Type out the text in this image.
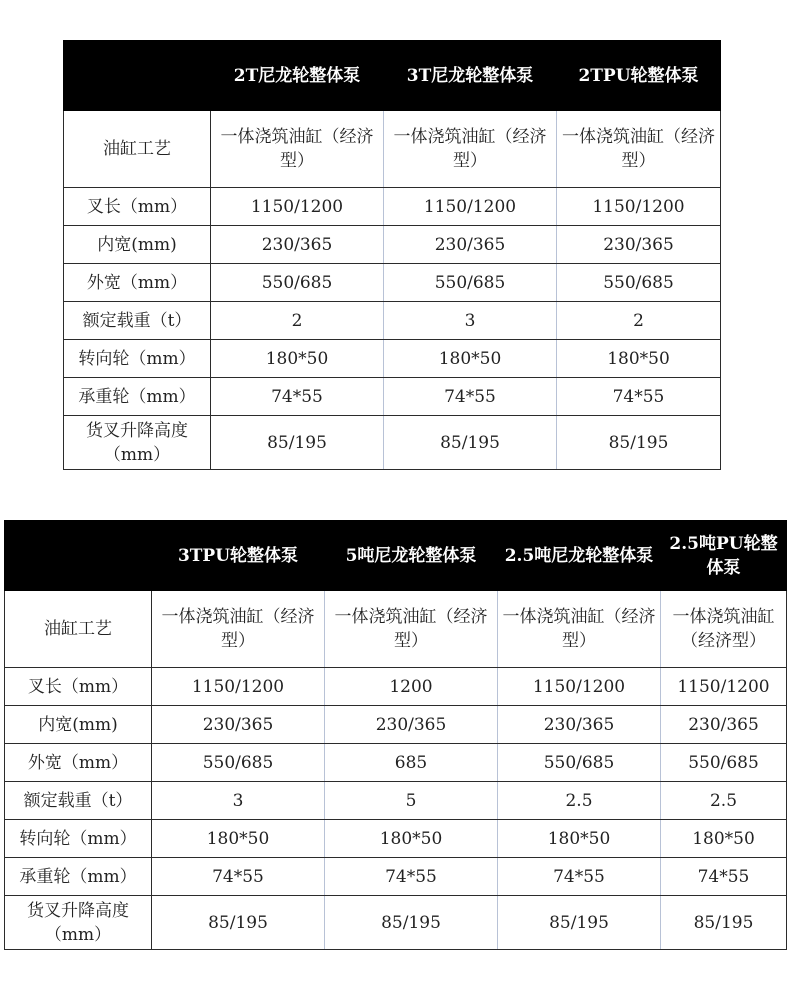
	2T尼龙轮整体泵	3T尼龙轮整体泵	2TPU轮整体泵
油缸工艺	一体浇筑油缸（经济型）	一体浇筑油缸（经济型）	一体浇筑油缸（经济型）
叉长（mm）	1150/1200	1150/1200	1150/1200
内宽(mm)	230/365	230/365	230/365
外宽（mm）	550/685	550/685	550/685
额定载重（t）	2	3	2
转向轮（mm）	180*50	180*50	180*50
承重轮（mm）	74*55	74*55	74*55
货叉升降高度（mm）	85/195	85/195	85/195
	3TPU轮整体泵	5吨尼龙轮整体泵	2.5吨尼龙轮整体泵	2.5吨PU轮整体泵
油缸工艺	一体浇筑油缸（经济型）	一体浇筑油缸（经济型）	一体浇筑油缸（经济型）	一体浇筑油缸（经济型）
叉长（mm）	1150/1200	1200	1150/1200	1150/1200
内宽(mm)	230/365	230/365	230/365	230/365
外宽（mm）	550/685	685	550/685	550/685
额定载重（t）	3	5	2.5	2.5
转向轮（mm）	180*50	180*50	180*50	180*50
承重轮（mm）	74*55	74*55	74*55	74*55
货叉升降高度（mm）	85/195	85/195	85/195	85/195
